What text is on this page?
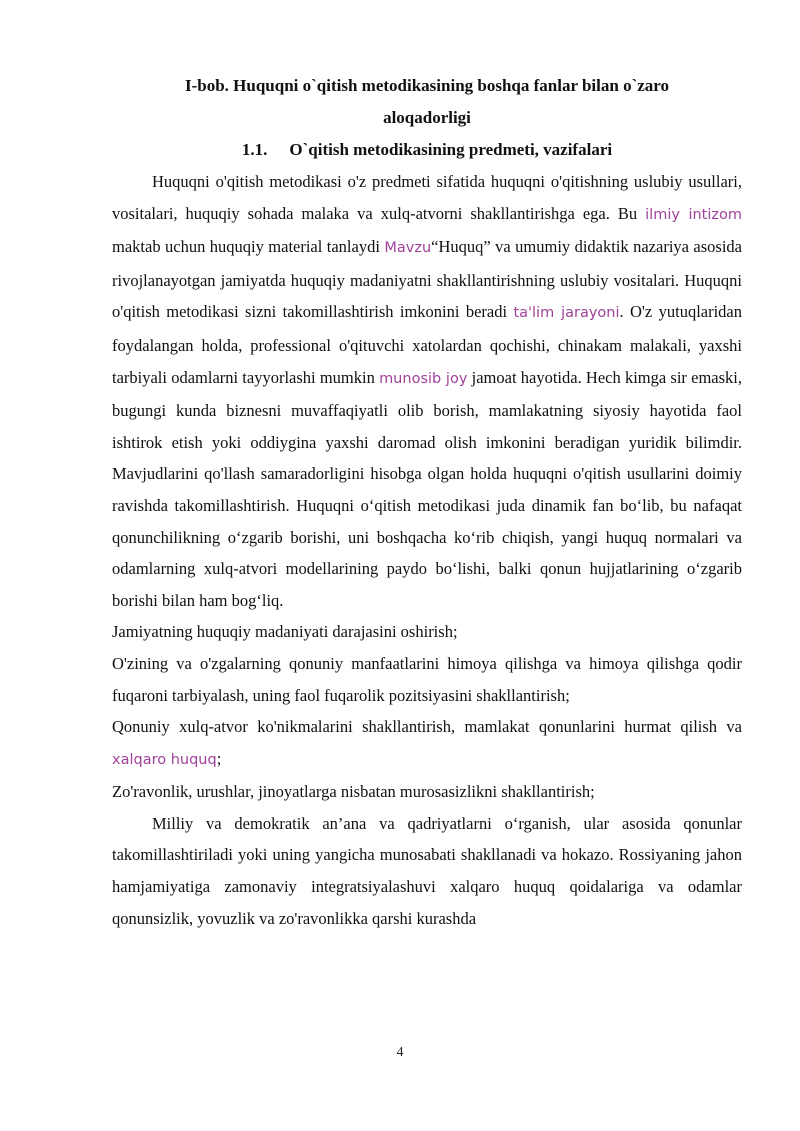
I-bob. Huquqni o`qitish metodikasining boshqa fanlar bilan o`zaro
aloqadorligi

1.1. O`qitish metodikasining predmeti, vazifalari

Huquqni o'qitish metodikasi o'z predmeti sifatida huquqni o'qitishning uslubiy usullari, vositalari, huquqiy sohada malaka va xulq-atvorni shakllantirishga ega. Bu ilmiy intizom maktab uchun huquqiy material tanlaydi Mavzu“Huquq” va umumiy didaktik nazariya asosida rivojlanayotgan jamiyatda huquqiy madaniyatni shakllantirishning uslubiy vositalari. Huquqni o'qitish metodikasi sizni takomillashtirish imkonini beradi ta'lim jarayoni. O'z yutuqlaridan foydalangan holda, professional o'qituvchi xatolardan qochishi, chinakam malakali, yaxshi tarbiyali odamlarni tayyorlashi mumkin munosib joy jamoat hayotida. Hech kimga sir emaski, bugungi kunda biznesni muvaffaqiyatli olib borish, mamlakatning siyosiy hayotida faol ishtirok etish yoki oddiygina yaxshi daromad olish imkonini beradigan yuridik bilimdir. Mavjudlarini qo'llash samaradorligini hisobga olgan holda huquqni o'qitish usullarini doimiy ravishda takomillashtirish. Huquqni o‘qitish metodikasi juda dinamik fan bo‘lib, bu nafaqat qonunchilikning o‘zgarib borishi, uni boshqacha ko‘rib chiqish, yangi huquq normalari va odamlarning xulq-atvori modellarining paydo bo‘lishi, balki qonun hujjatlarining o‘zgarib borishi bilan ham bog‘liq.

Jamiyatning huquqiy madaniyati darajasini oshirish;

O'zining va o'zgalarning qonuniy manfaatlarini himoya qilishga va himoya qilishga qodir fuqaroni tarbiyalash, uning faol fuqarolik pozitsiyasini shakllantirish;

Qonuniy xulq-atvor ko'nikmalarini shakllantirish, mamlakat qonunlarini hurmat qilish va xalqaro huquq;

Zo'ravonlik, urushlar, jinoyatlarga nisbatan murosasizlikni shakllantirish;

Milliy va demokratik an’ana va qadriyatlarni o‘rganish, ular asosida qonunlar takomillashtiriladi yoki uning yangicha munosabati shakllanadi va hokazo. Rossiyaning jahon hamjamiyatiga zamonaviy integratsiyalashuvi xalqaro huquq qoidalariga va odamlar qonunsizlik, yovuzlik va zo'ravonlikka qarshi kurashda

4
